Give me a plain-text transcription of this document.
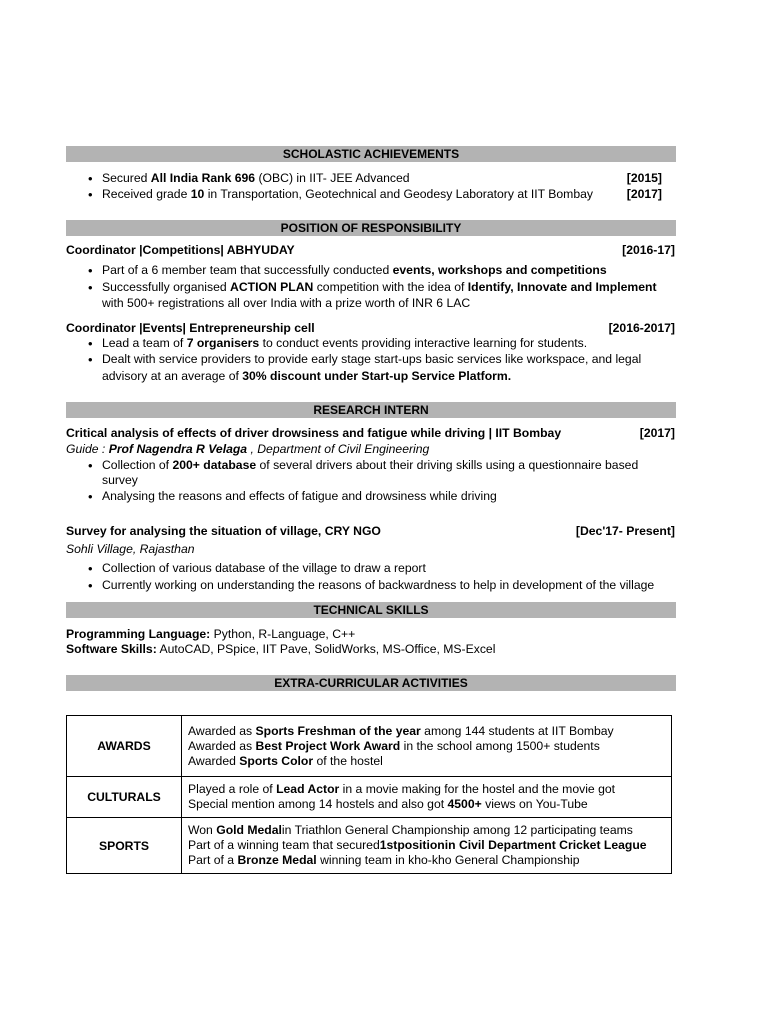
SCHOLASTIC ACHIEVEMENTS
• Secured All India Rank 696 (OBC) in IIT- JEE Advanced	[2015]
• Received grade 10 in Transportation, Geotechnical and Geodesy Laboratory at IIT Bombay	[2017]
POSITION OF RESPONSIBILITY
Coordinator |Competitions| ABHYUDAY	[2016-17]
• Part of a 6 member team that successfully conducted events, workshops and competitions
• Successfully organised ACTION PLAN competition with the idea of Identify, Innovate and Implement
with 500+ registrations all over India with a prize worth of INR 6 LAC
Coordinator |Events| Entrepreneurship cell	[2016-2017]
• Lead a team of 7 organisers to conduct events providing interactive learning for students.
• Dealt with service providers to provide early stage start-ups basic services like workspace, and legal
advisory at an average of 30% discount under Start-up Service Platform.
RESEARCH INTERN
Critical analysis of effects of driver drowsiness and fatigue while driving | IIT Bombay	[2017]
Guide : Prof Nagendra R Velaga , Department of Civil Engineering
• Collection of 200+ database of several drivers about their driving skills using a questionnaire based
survey
• Analysing the reasons and effects of fatigue and drowsiness while driving
Survey for analysing the situation of village, CRY NGO	[Dec'17- Present]
Sohli Village, Rajasthan
• Collection of various database of the village to draw a report
• Currently working on understanding the reasons of backwardness to help in development of the village
TECHNICAL SKILLS
Programming Language: Python, R-Language, C++
Software Skills: AutoCAD, PSpice, IIT Pave, SolidWorks, MS-Office, MS-Excel
EXTRA-CURRICULAR ACTIVITIES
AWARDS	Awarded as Sports Freshman of the year among 144 students at IIT Bombay
Awarded as Best Project Work Award in the school among 1500+ students
Awarded Sports Color of the hostel

CULTURALS	Played a role of Lead Actor in a movie making for the hostel and the movie got
Special mention among 14 hostels and also got 4500+ views on You-Tube

SPORTS	Won Gold Medalin Triathlon General Championship among 12 participating teams
Part of a winning team that secured1stpositionin Civil Department Cricket League
Part of a Bronze Medal winning team in kho-kho General Championship
